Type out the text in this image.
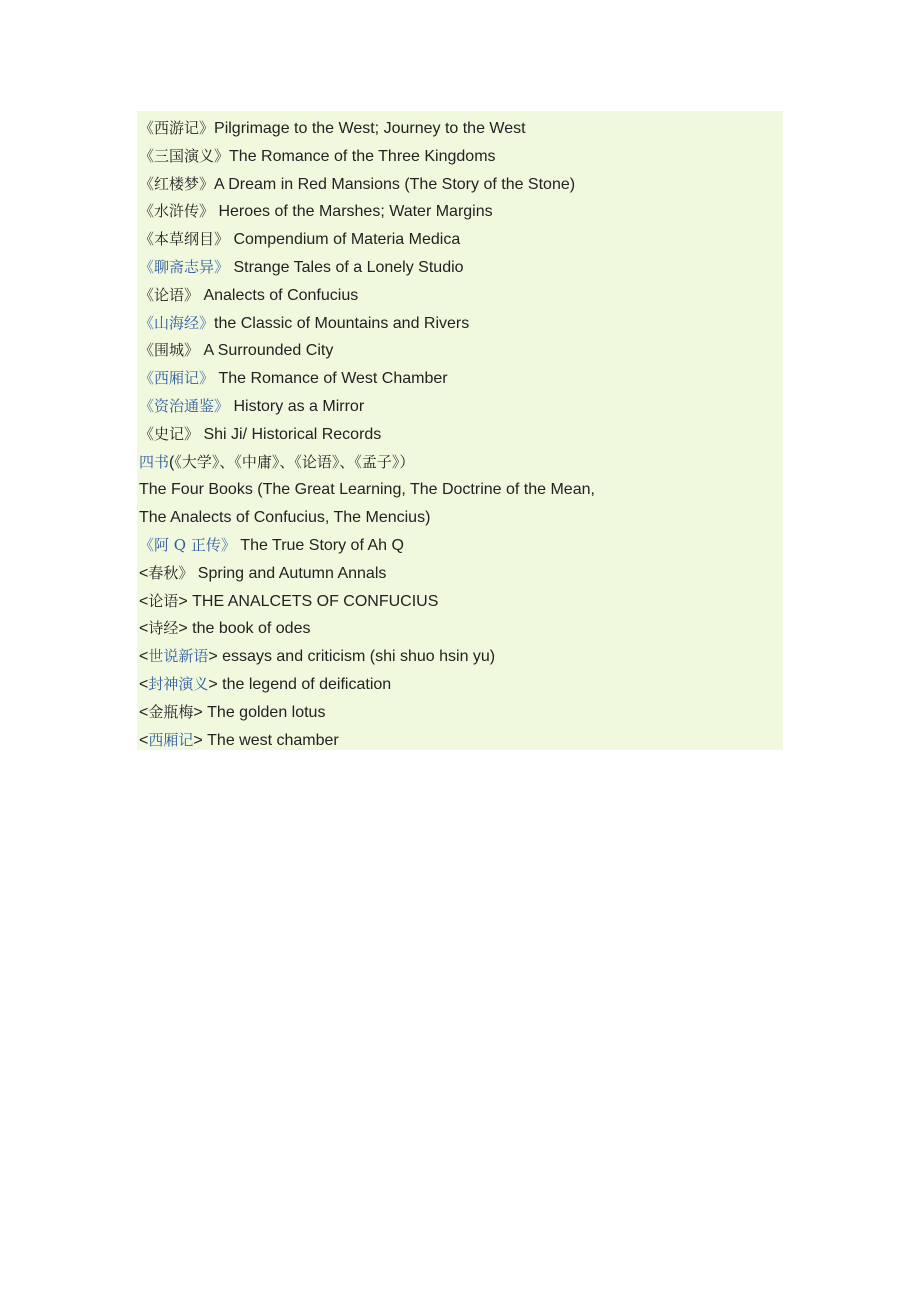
《西游记》Pilgrimage to the West; Journey to the West
《三国演义》The Romance of the Three Kingdoms
《红楼梦》A Dream in Red Mansions (The Story of the Stone)
《水浒传》 Heroes of the Marshes; Water Margins
《本草纲目》 Compendium of Materia Medica
《聊斋志异》 Strange Tales of a Lonely Studio
《论语》 Analects of Confucius
《山海经》the Classic of Mountains and Rivers
《围城》 A Surrounded City
《西厢记》 The Romance of West Chamber
《资治通鉴》 History as a Mirror
《史记》 Shi Ji/ Historical Records
四书(《大学》、《中庸》、《论语》、《孟子》）
The Four Books (The Great Learning, The Doctrine of the Mean,
The Analects of Confucius, The Mencius)
《阿 Q 正传》 The True Story of Ah Q
<春秋》 Spring and Autumn Annals
<论语> THE ANALCETS OF CONFUCIUS
<诗经> the book of odes
<世说新语> essays and criticism (shi shuo hsin yu)
<封神演义> the legend of deification
<金瓶梅> The golden lotus
<西厢记> The west chamber
